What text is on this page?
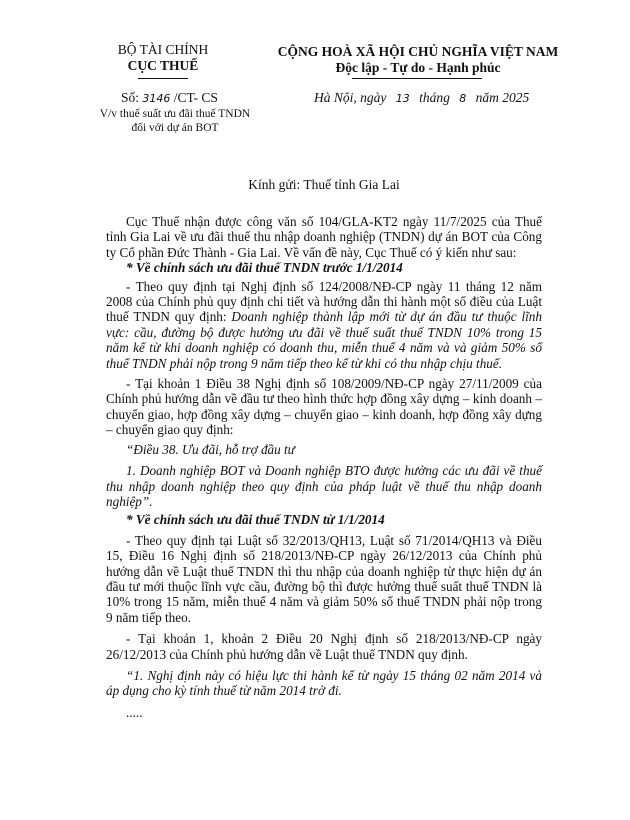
BỘ TÀI CHÍNH
CỤC THUẾ
Số: 3146 /CT- CS
V/v thuế suất ưu đãi thuế TNDN
đối với dự án BOT
CỘNG HOÀ XÃ HỘI CHỦ NGHĨA VIỆT NAM
Độc lập - Tự do - Hạnh phúc
Hà Nội, ngày 13 tháng 8 năm 2025
Kính gửi: Thuế tỉnh Gia Lai

Cục Thuế nhận được công văn số 104/GLA-KT2 ngày 11/7/2025 của Thuế tỉnh Gia Lai về ưu đãi thuế thu nhập doanh nghiệp (TNDN) dự án BOT của Công ty Cổ phần Đức Thành - Gia Lai. Về vấn đề này, Cục Thuế có ý kiến như sau:

* Về chính sách ưu đãi thuế TNDN trước 1/1/2014

- Theo quy định tại Nghị định số 124/2008/NĐ-CP ngày 11 tháng 12 năm 2008 của Chính phủ quy định chi tiết và hướng dẫn thi hành một số điều của Luật thuế TNDN quy định: Doanh nghiệp thành lập mới từ dự án đầu tư thuộc lĩnh vực: cầu, đường bộ được hưởng ưu đãi về thuế suất thuế TNDN 10% trong 15 năm kể từ khi doanh nghiệp có doanh thu, miễn thuế 4 năm và và giảm 50% số thuế TNDN phải nộp trong 9 năm tiếp theo kể từ khi có thu nhập chịu thuế.

- Tại khoản 1 Điều 38 Nghị định số 108/2009/NĐ-CP ngày 27/11/2009 của Chính phủ hướng dẫn về đầu tư theo hình thức hợp đồng xây dựng – kinh doanh – chuyển giao, hợp đồng xây dựng – chuyển giao – kinh doanh, hợp đồng xây dựng – chuyển giao quy định:

“Điều 38. Ưu đãi, hỗ trợ đầu tư

1. Doanh nghiệp BOT và Doanh nghiệp BTO được hưởng các ưu đãi về thuế thu nhập doanh nghiệp theo quy định của pháp luật về thuế thu nhập doanh nghiệp”.

* Về chính sách ưu đãi thuế TNDN từ 1/1/2014

- Theo quy định tại Luật số 32/2013/QH13, Luật số 71/2014/QH13 và Điều 15, Điều 16 Nghị định số 218/2013/NĐ-CP ngày 26/12/2013 của Chính phủ hướng dẫn về Luật thuế TNDN thì thu nhập của doanh nghiệp từ thực hiện dự án đầu tư mới thuộc lĩnh vực cầu, đường bộ thì được hưởng thuế suất thuế TNDN là 10% trong 15 năm, miễn thuế 4 năm và giảm 50% số thuế TNDN phải nộp trong 9 năm tiếp theo.

- Tại khoản 1, khoản 2 Điều 20 Nghị định số 218/2013/NĐ-CP ngày 26/12/2013 của Chính phủ hướng dẫn về Luật thuế TNDN quy định.

“1. Nghị định này có hiệu lực thi hành kể từ ngày 15 tháng 02 năm 2014 và áp dụng cho kỳ tính thuế từ năm 2014 trở đi.

.....
